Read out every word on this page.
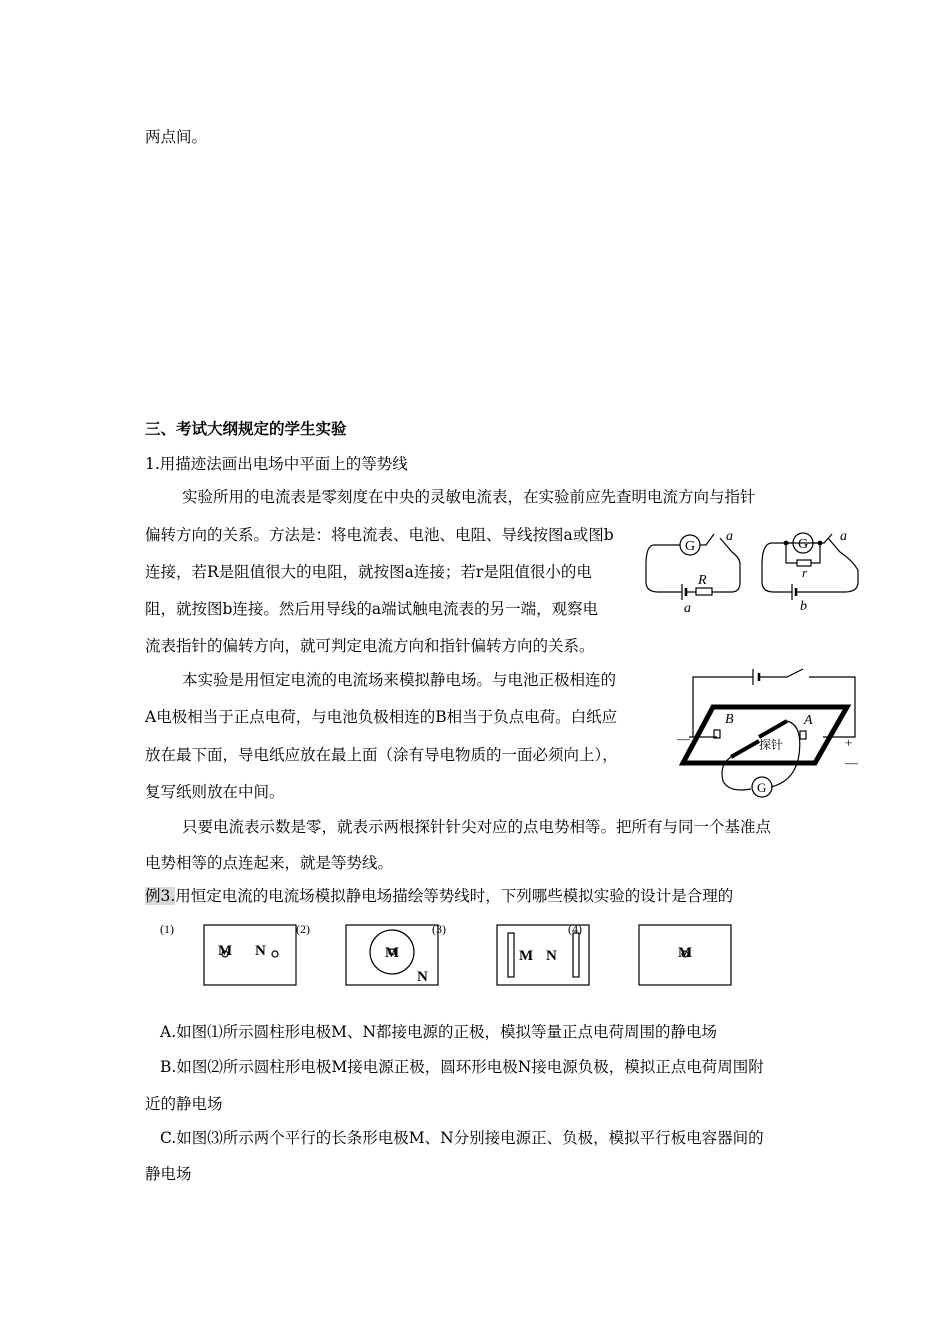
两点间。
三、考试大纲规定的学生实验
1.用描迹法画出电场中平面上的等势线
实验所用的电流表是零刻度在中央的灵敏电流表，在实验前应先查明电流方向与指针
偏转方向的关系。方法是：将电流表、电池、电阻、导线按图a或图b
连接，若R是阻值很大的电阻，就按图a连接；若r是阻值很小的电
阻，就按图b连接。然后用导线的a端试触电流表的另一端，观察电
流表指针的偏转方向，就可判定电流方向和指针偏转方向的关系。
本实验是用恒定电流的电流场来模拟静电场。与电池正极相连的
A电极相当于正点电荷，与电池负极相连的B相当于负点电荷。白纸应
放在最下面，导电纸应放在最上面（涂有导电物质的一面必须向上），
复写纸则放在中间。
只要电流表示数是零，就表示两根探针针尖对应的点电势相等。把所有与同一个基准点
电势相等的点连起来，就是等势线。
例3.用恒定电流的电流场模拟静电场描绘等势线时，下列哪些模拟实验的设计是合理的
A.如图⑴所示圆柱形电极M、N都接电源的正极，模拟等量正点电荷周围的静电场
B.如图⑵所示圆柱形电极M接电源正极，圆环形电极N接电源负极，模拟正点电荷周围附
近的静电场
C.如图⑶所示两个平行的长条形电极M、N分别接电源正、负极，模拟平行板电容器间的
静电场
G	G
a	a
R
r
a	b
B	A
探针
G
+
—
—
(1)	(2)	(3)	(4)
M N	M
N
M N	M
